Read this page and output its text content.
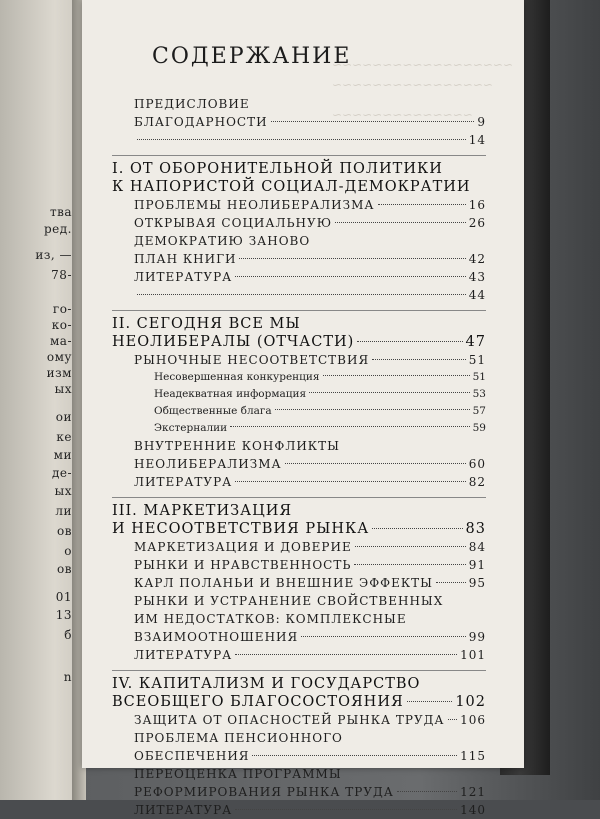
тва
ред.
из, —
78-
го-
ко-
ма-
ому
изм
ых
ои
ке
ми
де-
ых
ли
ов
о
ов
01
13
б
n
~~~~~~~~~~~~~~~~~~
~~~~~~~~~~~~~~~~
~~~~~~~~~~~~~~
СОДЕРЖАНИЕ
ПРЕДИСЛОВИЕ
БЛАГОДАРНОСТИ	9
14
I. ОТ ОБОРОНИТЕЛЬНОЙ ПОЛИТИКИ
К НАПОРИСТОЙ СОЦИАЛ-ДЕМОКРАТИИ
ПРОБЛЕМЫ НЕОЛИБЕРАЛИЗМА	16
ОТКРЫВАЯ СОЦИАЛЬНУЮ	26
ДЕМОКРАТИЮ ЗАНОВО
ПЛАН КНИГИ	42
ЛИТЕРАТУРА	43
44
II. СЕГОДНЯ ВСЕ МЫ
НЕОЛИБЕРАЛЫ (ОТЧАСТИ)	47
РЫНОЧНЫЕ НЕСООТВЕТСТВИЯ	51
Несовершенная конкуренция	51
Неадекватная информация	53
Общественные блага	57
Экстерналии	59
ВНУТРЕННИЕ КОНФЛИКТЫ
НЕОЛИБЕРАЛИЗМА	60
ЛИТЕРАТУРА	82
III. МАРКЕТИЗАЦИЯ
И НЕСООТВЕТСТВИЯ РЫНКА	83
МАРКЕТИЗАЦИЯ И ДОВЕРИЕ	84
РЫНКИ И НРАВСТВЕННОСТЬ	91
КАРЛ ПОЛАНЬИ И ВНЕШНИЕ ЭФФЕКТЫ	95
РЫНКИ И УСТРАНЕНИЕ СВОЙСТВЕННЫХ
ИМ НЕДОСТАТКОВ: КОМПЛЕКСНЫЕ
ВЗАИМООТНОШЕНИЯ	99
ЛИТЕРАТУРА	101
IV. КАПИТАЛИЗМ И ГОСУДАРСТВО
ВСЕОБЩЕГО БЛАГОСОСТОЯНИЯ	102
ЗАЩИТА ОТ ОПАСНОСТЕЙ РЫНКА ТРУДА 106
ПРОБЛЕМА ПЕНСИОННОГО
ОБЕСПЕЧЕНИЯ	115
ПЕРЕОЦЕНКА ПРОГРАММЫ
РЕФОРМИРОВАНИЯ РЫНКА ТРУДА	121
ЛИТЕРАТУРА	140
